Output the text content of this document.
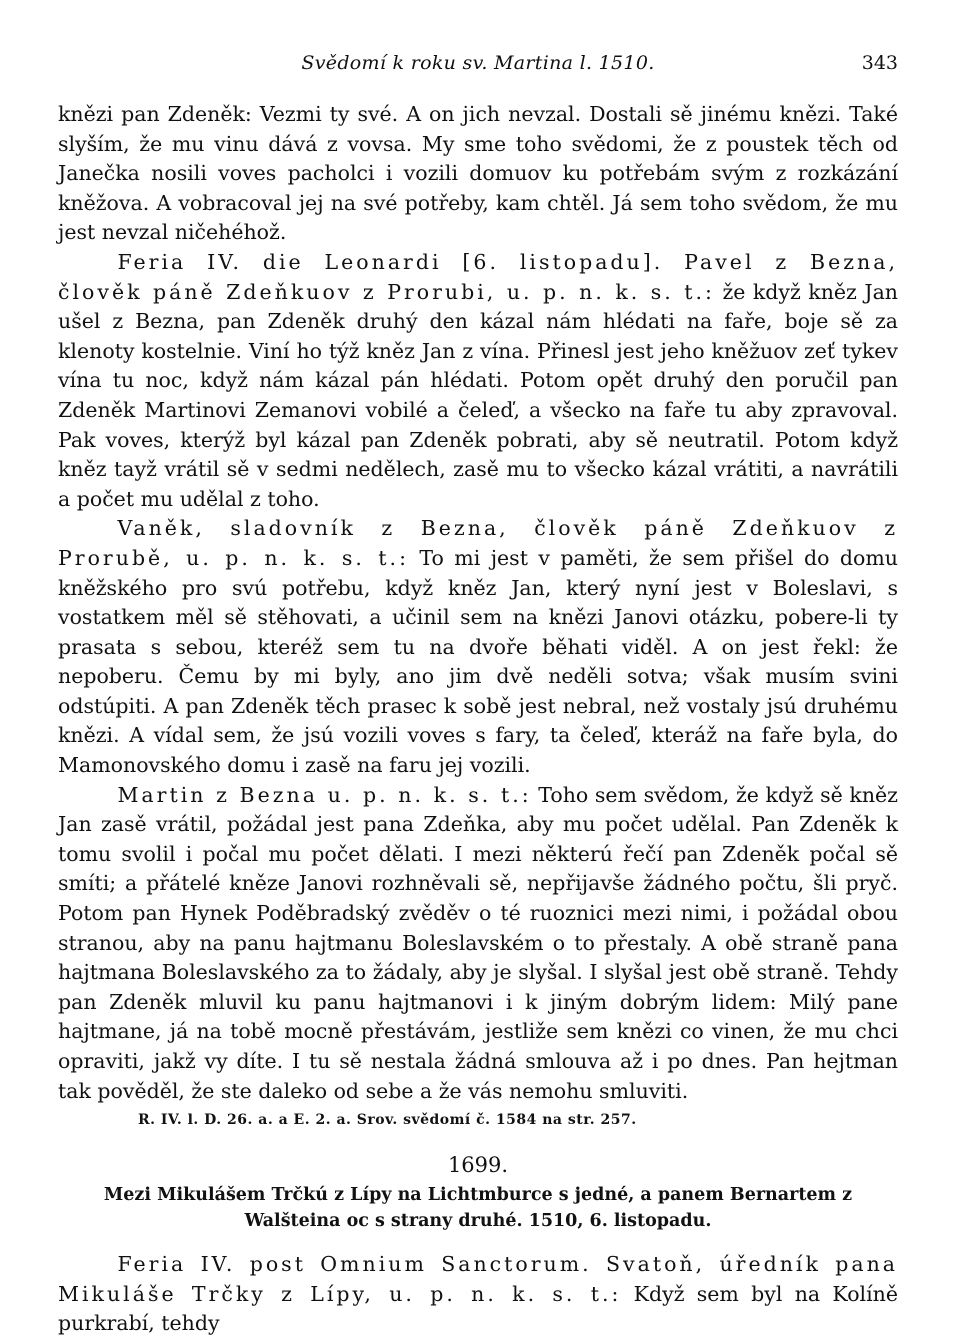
Svědomí k roku sv. Martina l. 1510.	343

knězi pan Zdeněk: Vezmi ty své. A on jich nevzal. Dostali sě jinému knězi. Také slyším, že mu vinu dává z vovsa. My sme toho svědomi, že z poustek těch od Janečka nosili voves pacholci i vozili domuov ku potřebám svým z rozkázání kněžova. A vobracoval jej na své potřeby, kam chtěl. Já sem toho svědom, že mu jest nevzal ničehéhož.

Feria IV. die Leonardi [6. listopadu]. Pavel z Bezna, člověk páně Zdeňkuov z Prorubi, u. p. n. k. s. t.: že když kněz Jan ušel z Bezna, pan Zdeněk druhý den kázal nám hlédati na faře, boje sě za klenoty kostelnie. Viní ho týž kněz Jan z vína. Přinesl jest jeho kněžuov zeť tykev vína tu noc, když nám kázal pán hlédati. Potom opět druhý den poručil pan Zdeněk Martinovi Zemanovi vobilé a čeleď, a všecko na faře tu aby zpravoval. Pak voves, kterýž byl kázal pan Zdeněk pobrati, aby sě neutratil. Potom když kněz tayž vrátil sě v sedmi nedělech, zasě mu to všecko kázal vrátiti, a navrátili a počet mu udělal z toho.

Vaněk, sladovník z Bezna, člověk páně Zdeňkuov z Prorubě, u. p. n. k. s. t.: To mi jest v paměti, že sem přišel do domu kněžského pro svú potřebu, když kněz Jan, který nyní jest v Boleslavi, s vostatkem měl sě stěhovati, a učinil sem na knězi Janovi otázku, pobere-li ty prasata s sebou, kteréž sem tu na dvoře běhati viděl. A on jest řekl: že nepoberu. Čemu by mi byly, ano jim dvě neděli sotva; však musím svini odstúpiti. A pan Zdeněk těch prasec k sobě jest nebral, než vostaly jsú druhému knězi. A vídal sem, že jsú vozili voves s fary, ta čeleď, kteráž na faře byla, do Mamonovského domu i zasě na faru jej vozili.

Martin z Bezna u. p. n. k. s. t.: Toho sem svědom, že když sě kněz Jan zasě vrátil, požádal jest pana Zdeňka, aby mu počet udělal. Pan Zdeněk k tomu svolil i počal mu počet dělati. I mezi některú řečí pan Zdeněk počal sě smíti; a přátelé kněze Janovi rozhněvali sě, nepřijavše žádného počtu, šli pryč. Potom pan Hynek Poděbradský zvěděv o té ruoznici mezi nimi, i požádal obou stranou, aby na panu hajtmanu Boleslavském o to přestaly. A obě straně pana hajtmana Boleslavského za to žádaly, aby je slyšal. I slyšal jest obě straně. Tehdy pan Zdeněk mluvil ku panu hajtmanovi i k jiným dobrým lidem: Milý pane hajtmane, já na tobě mocně přestávám, jestliže sem knězi co vinen, že mu chci opraviti, jakž vy díte. I tu sě nestala žádná smlouva až i po dnes. Pan hejtman tak pověděl, že ste daleko od sebe a že vás nemohu smluviti.

R. IV. l. D. 26. a. a E. 2. a. Srov. svědomí č. 1584 na str. 257.
1699.
Mezi Mikulášem Trčkú z Lípy na Lichtmburce s jedné, a panem Bernartem z Walšteina oc s strany druhé. 1510, 6. listopadu.

Feria IV. post Omnium Sanctorum. Svatoň, úředník pana Mikuláše Trčky z Lípy, u. p. n. k. s. t.: Když sem byl na Kolíně purkrabí, tehdy
